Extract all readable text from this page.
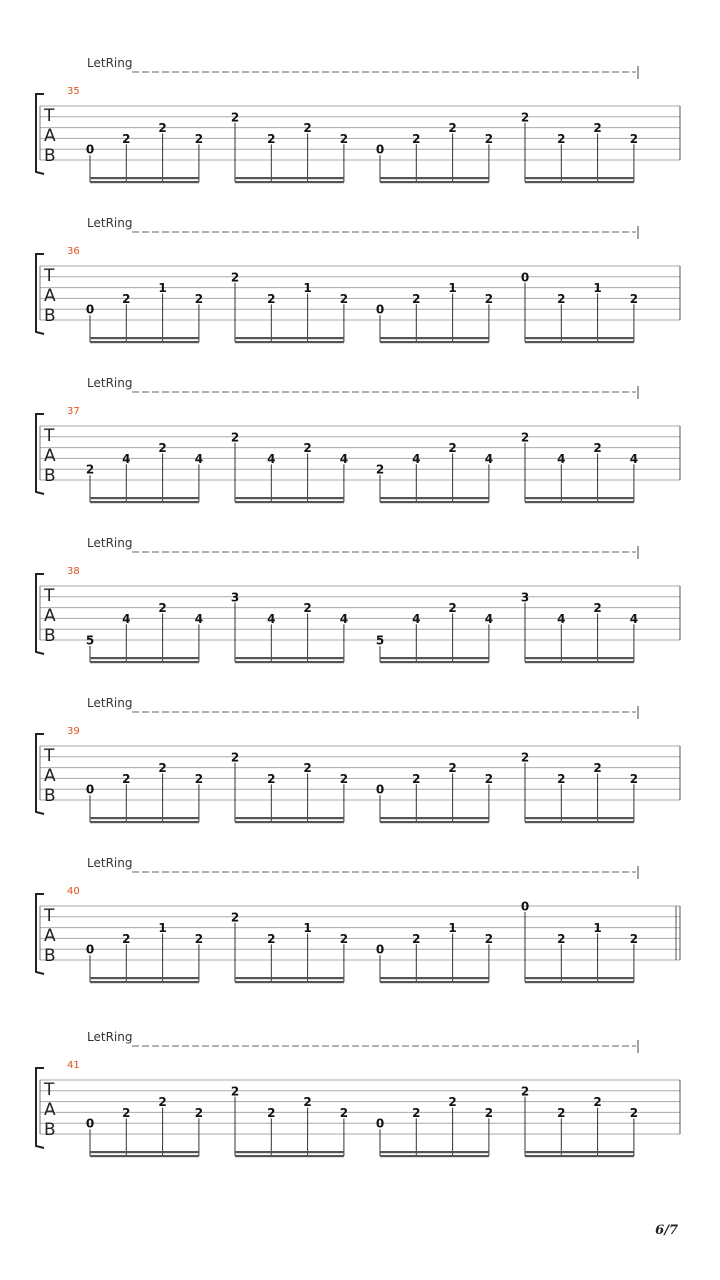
LetRing
35
T
A
B	0
2
2
2
2
2
2
2
0
2
2
2
2
2
2
2
LetRing
36
T
A
B	0
2
1
2
2
2
1
2
0
2
1
2
0
2
1
2
LetRing
37
T
A
B	2
4
2
4
2
4
2
4
2
4
2
4
2
4
2
4
LetRing
38
T
A
B	5
4
2
4
3
4
2
4
5
4
2
4
3
4
2
4
LetRing
39
T
A
B	0
2
2
2
2
2
2
2
0
2
2
2
2
2
2
2
LetRing
40
T
A
B	0
2
1
2
2
2
1
2
0
2
1
2
0
2
1
2
LetRing
41
T
A
B	0
2
2
2
2
2
2
2
0
2
2
2
2
2
2
2
6/7
